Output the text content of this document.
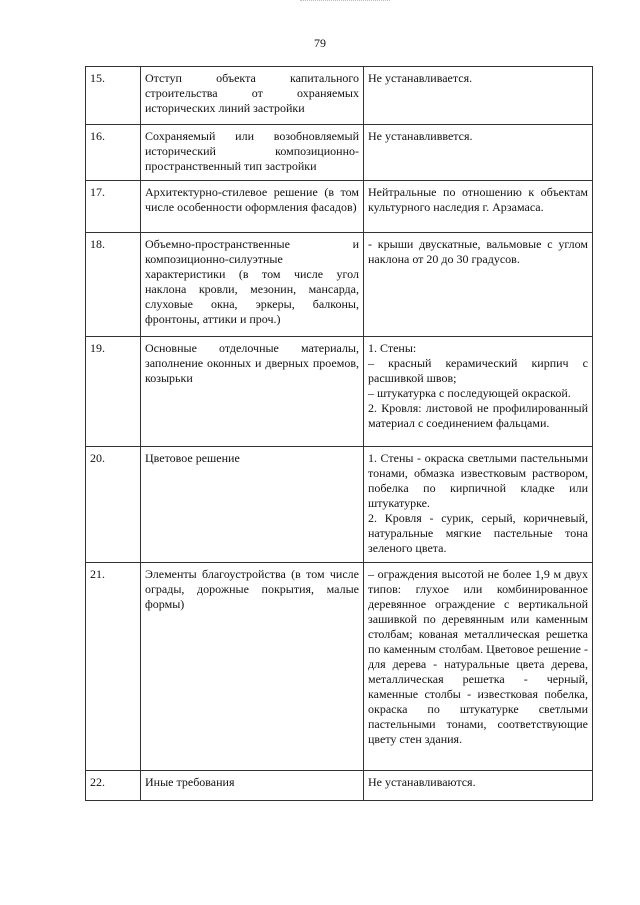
79
15.	Отступ объекта капитального строительства от охраняемых исторических линий застройки	Не устанавливается.

16.	Сохраняемый или возобновляемый исторический композиционно-пространственный тип застройки	Не устанавливвется.

17.	Архитектурно-стилевое решение (в том числе особенности оформления фасадов)	Нейтральные по отношению к объектам культурного наследия г. Арзамаса.

18.	Объемно-пространственные и композиционно-силуэтные характеристики (в том числе угол наклона кровли, мезонин, мансарда, слуховые окна, эркеры, балконы, фронтоны, аттики и проч.)	- крыши двускатные, вальмовые с углом наклона от 20 до 30 градусов.

19.	Основные отделочные материалы, заполнение оконных и дверных проемов, козырьки	1. Стены:
– красный керамический кирпич с расшивкой швов;
– штукатурка с последующей окраской.
2. Кровля: листовой не профилированный материал с соединением фальцами.

20.	Цветовое решение	1. Стены - окраска светлыми пастельными тонами, обмазка известковым раствором, побелка по кирпичной кладке или штукатурке.
2. Кровля - сурик, серый, коричневый, натуральные мягкие пастельные тона зеленого цвета.

21.	Элементы благоустройства (в том числе ограды, дорожные покрытия, малые формы)	– ограждения высотой не более 1,9 м двух типов: глухое или комбинированное деревянное ограждение с вертикальной зашивкой по деревянным или каменным столбам; кованая металлическая решетка по каменным столбам. Цветовое решение - для дерева - натуральные цвета дерева, металлическая решетка - черный, каменные столбы - известковая побелка, окраска по штукатурке светлыми пастельными тонами, соответствующие цвету стен здания.

22.	Иные требования	Не устанавливаются.
